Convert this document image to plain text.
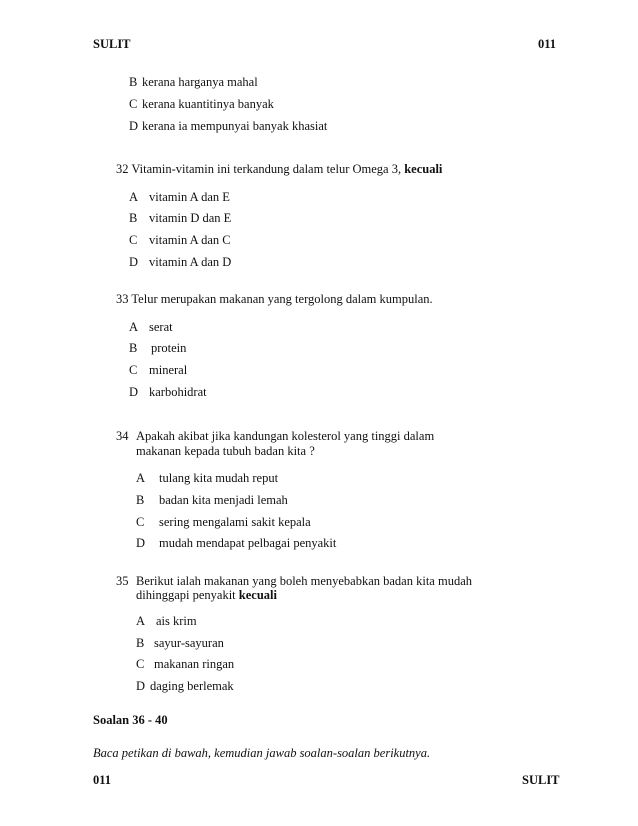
SULIT	011
B kerana harganya mahal
C kerana kuantitinya banyak
D kerana ia mempunyai banyak khasiat
32 Vitamin-vitamin ini terkandung dalam telur Omega 3, kecuali
A vitamin A dan E
B vitamin D dan E
C vitamin A dan C
D vitamin A dan D
33 Telur merupakan makanan yang tergolong dalam kumpulan.
A serat
B protein
C mineral
D karbohidrat
34 Apakah akibat jika kandungan kolesterol yang tinggi dalam
makanan kepada tubuh badan kita ?
A tulang kita mudah reput
B badan kita menjadi lemah
C sering mengalami sakit kepala
D mudah mendapat pelbagai penyakit
35 Berikut ialah makanan yang boleh menyebabkan badan kita mudah
dihinggapi penyakit kecuali
A ais krim
B sayur-sayuran
C makanan ringan
D daging berlemak
Soalan 36 - 40
Baca petikan di bawah, kemudian jawab soalan-soalan berikutnya.
011	SULIT
